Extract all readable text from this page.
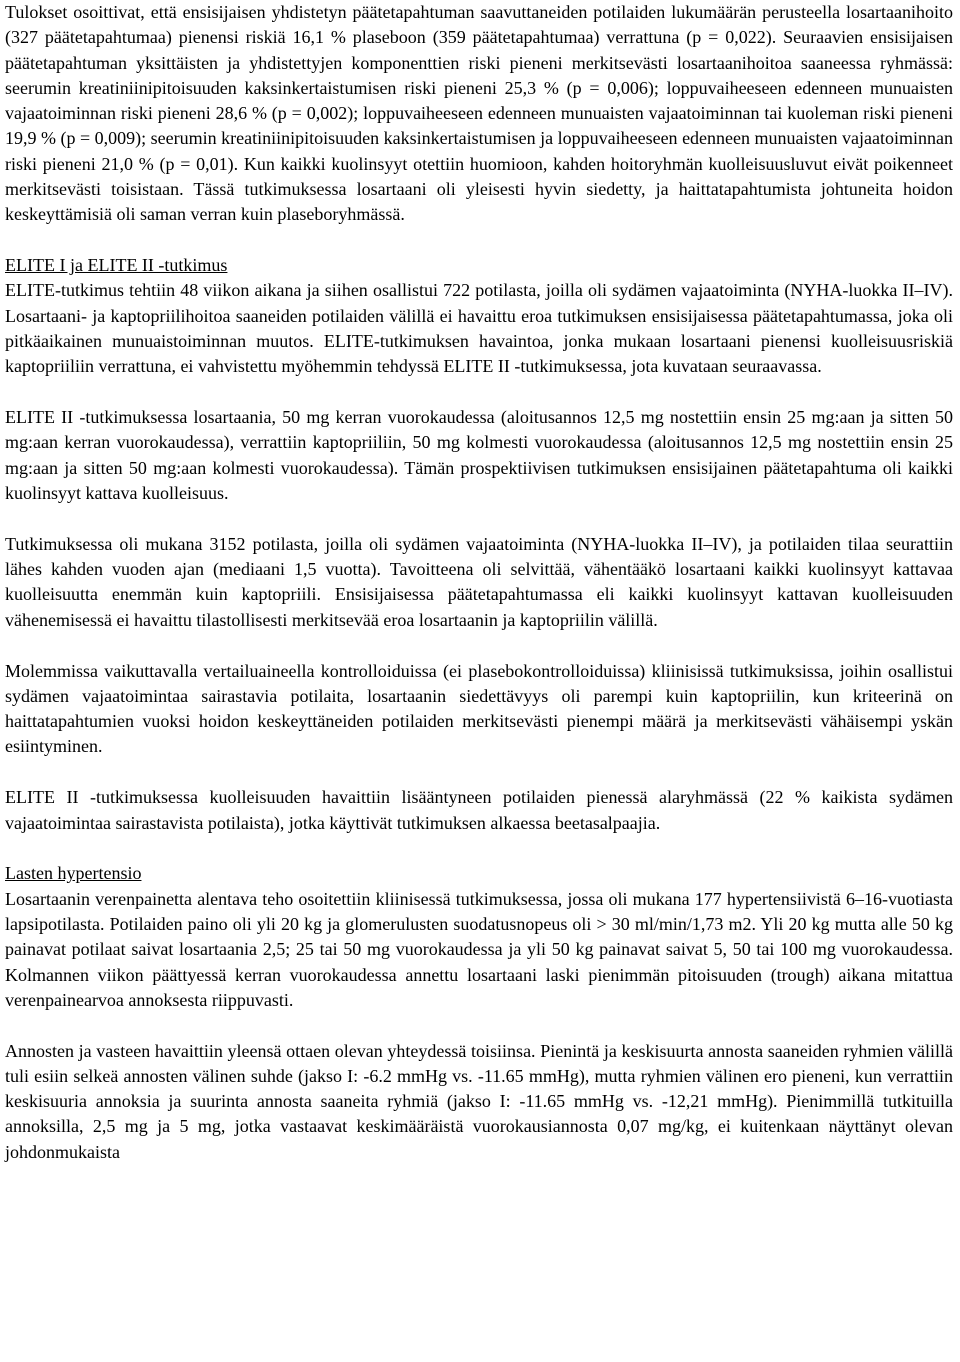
Tulokset osoittivat, että ensisijaisen yhdistetyn päätetapahtuman saavuttaneiden potilaiden lukumäärän perusteella losartaanihoito (327 päätetapahtumaa) pienensi riskiä 16,1 % plaseboon (359 päätetapahtumaa) verrattuna (p = 0,022). Seuraavien ensisijaisen päätetapahtuman yksittäisten ja yhdistettyjen komponenttien riski pieneni merkitsevästi losartaanihoitoa saaneessa ryhmässä: seerumin kreatiniinipitoisuuden kaksinkertaistumisen riski pieneni 25,3 % (p = 0,006); loppuvaiheeseen edenneen munuaisten vajaatoiminnan riski pieneni 28,6 % (p = 0,002); loppuvaiheeseen edenneen munuaisten vajaatoiminnan tai kuoleman riski pieneni 19,9 % (p = 0,009); seerumin kreatiniinipitoisuuden kaksinkertaistumisen ja loppuvaiheeseen edenneen munuaisten vajaatoiminnan riski pieneni 21,0 % (p = 0,01). Kun kaikki kuolinsyyt otettiin huomioon, kahden hoitoryhmän kuolleisuusluvut eivät poikenneet merkitsevästi toisistaan. Tässä tutkimuksessa losartaani oli yleisesti hyvin siedetty, ja haittatapahtumista johtuneita hoidon keskeyttämisiä oli saman verran kuin plaseboryhmässä.

ELITE I ja ELITE II -tutkimus

ELITE-tutkimus tehtiin 48 viikon aikana ja siihen osallistui 722 potilasta, joilla oli sydämen vajaatoiminta (NYHA-luokka II–IV). Losartaani- ja kaptopriilihoitoa saaneiden potilaiden välillä ei havaittu eroa tutkimuksen ensisijaisessa päätetapahtumassa, joka oli pitkäaikainen munuaistoiminnan muutos. ELITE-tutkimuksen havaintoa, jonka mukaan losartaani pienensi kuolleisuusriskiä kaptopriiliin verrattuna, ei vahvistettu myöhemmin tehdyssä ELITE II -tutkimuksessa, jota kuvataan seuraavassa.

ELITE II -tutkimuksessa losartaania, 50 mg kerran vuorokaudessa (aloitusannos 12,5 mg nostettiin ensin 25 mg:aan ja sitten 50 mg:aan kerran vuorokaudessa), verrattiin kaptopriiliin, 50 mg kolmesti vuorokaudessa (aloitusannos 12,5 mg nostettiin ensin 25 mg:aan ja sitten 50 mg:aan kolmesti vuorokaudessa). Tämän prospektiivisen tutkimuksen ensisijainen päätetapahtuma oli kaikki kuolinsyyt kattava kuolleisuus.

Tutkimuksessa oli mukana 3152 potilasta, joilla oli sydämen vajaatoiminta (NYHA-luokka II–IV), ja potilaiden tilaa seurattiin lähes kahden vuoden ajan (mediaani 1,5 vuotta). Tavoitteena oli selvittää, vähentääkö losartaani kaikki kuolinsyyt kattavaa kuolleisuutta enemmän kuin kaptopriili. Ensisijaisessa päätetapahtumassa eli kaikki kuolinsyyt kattavan kuolleisuuden vähenemisessä ei havaittu tilastollisesti merkitsevää eroa losartaanin ja kaptopriilin välillä.

Molemmissa vaikuttavalla vertailuaineella kontrolloiduissa (ei plasebokontrolloiduissa) kliinisissä tutkimuksissa, joihin osallistui sydämen vajaatoimintaa sairastavia potilaita, losartaanin siedettävyys oli parempi kuin kaptopriilin, kun kriteerinä on haittatapahtumien vuoksi hoidon keskeyttäneiden potilaiden merkitsevästi pienempi määrä ja merkitsevästi vähäisempi yskän esiintyminen.

ELITE II -tutkimuksessa kuolleisuuden havaittiin lisääntyneen potilaiden pienessä alaryhmässä (22 % kaikista sydämen vajaatoimintaa sairastavista potilaista), jotka käyttivät tutkimuksen alkaessa beetasalpaajia.

Lasten hypertensio

Losartaanin verenpainetta alentava teho osoitettiin kliinisessä tutkimuksessa, jossa oli mukana 177 hypertensiivistä 6–16-vuotiasta lapsipotilasta. Potilaiden paino oli yli 20 kg ja glomerulusten suodatusnopeus oli > 30 ml/min/1,73 m2. Yli 20 kg mutta alle 50 kg painavat potilaat saivat losartaania 2,5; 25 tai 50 mg vuorokaudessa ja yli 50 kg painavat saivat 5, 50 tai 100 mg vuorokaudessa. Kolmannen viikon päättyessä kerran vuorokaudessa annettu losartaani laski pienimmän pitoisuuden (trough) aikana mitattua verenpainearvoa annoksesta riippuvasti.

Annosten ja vasteen havaittiin yleensä ottaen olevan yhteydessä toisiinsa. Pienintä ja keskisuurta annosta saaneiden ryhmien välillä tuli esiin selkeä annosten välinen suhde (jakso I: -6.2 mmHg vs. -11.65 mmHg), mutta ryhmien välinen ero pieneni, kun verrattiin keskisuuria annoksia ja suurinta annosta saaneita ryhmiä (jakso I: -11.65 mmHg vs. -12,21 mmHg). Pienimmillä tutkituilla annoksilla, 2,5 mg ja 5 mg, jotka vastaavat keskimääräistä vuorokausiannosta 0,07 mg/kg, ei kuitenkaan näyttänyt olevan johdonmukaista
